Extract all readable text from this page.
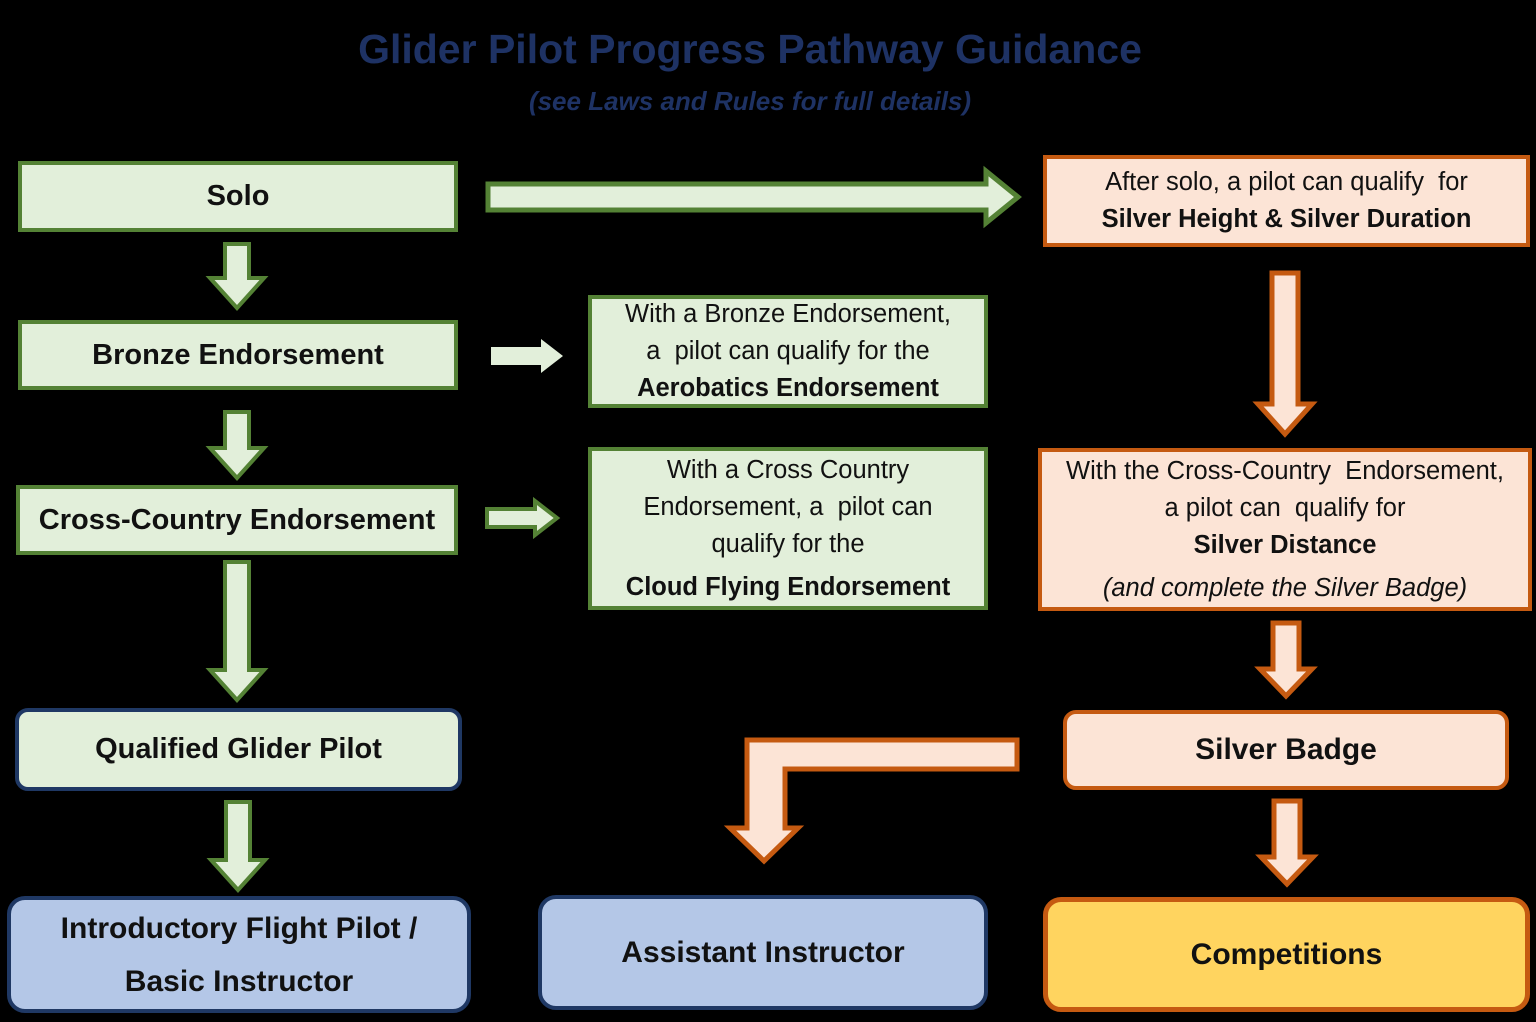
Glider Pilot Progress Pathway Guidance
(see Laws and Rules for full details)
Solo
Bronze Endorsement
Cross-Country Endorsement
Qualified Glider Pilot
Introductory Flight Pilot /
Basic Instructor
With a Bronze Endorsement,
a  pilot can qualify for the
Aerobatics Endorsement
With a Cross Country
Endorsement, a  pilot can
qualify for the
Cloud Flying Endorsement
Assistant Instructor
After solo, a pilot can qualify  for
Silver Height & Silver Duration
With the Cross-Country  Endorsement,
a pilot can  qualify for
Silver Distance
(and complete the Silver Badge)
Silver Badge
Competitions
